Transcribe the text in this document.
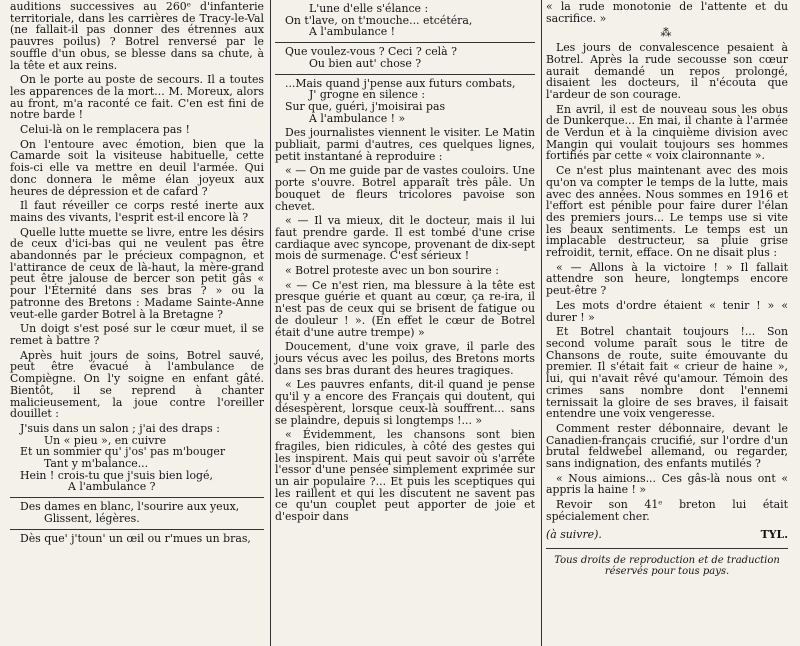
auditions successives au 260ᵉ d'infanterie territoriale, dans les carrières de Tracy-le-Val (ne fallait-il pas donner des étrennes aux pauvres poilus) ? Botrel renversé par le souffle d'un obus, se blesse dans sa chute, à la tête et aux reins.

On le porte au poste de secours. Il a toutes les apparences de la mort... M. Moreux, alors au front, m'a raconté ce fait. C'en est fini de notre barde !

Celui-là on le remplacera pas !

On l'entoure avec émotion, bien que la Camarde soit la visiteuse habituelle, cette fois-ci elle va mettre en deuil l'armée. Qui donc donnera le même élan joyeux aux heures de dépression et de cafard ?

Il faut réveiller ce corps resté inerte aux mains des vivants, l'esprit est-il encore là ?

Quelle lutte muette se livre, entre les désirs de ceux d'ici-bas qui ne veulent pas être abandonnés par le précieux compagnon, et l'attirance de ceux de là-haut, la mère-grand peut être jalouse de bercer son petit gâs « pour l'Éternité dans ses bras ? » ou la patronne des Bretons : Madame Sainte-Anne veut-elle garder Botrel à la Bretagne ?

Un doigt s'est posé sur le cœur muet, il se remet à battre ?

Après huit jours de soins, Botrel sauvé, peut être évacué à l'ambulance de Compiègne. On l'y soigne en enfant gâté. Bientôt, il se reprend à chanter malicieusement, la joue contre l'oreiller douillet :

J'suis dans un salon ; j'ai des draps :
Un « pieu », en cuivre
Et un sommier qu' j'os' pas m'bouger
Tant y m'balance...
Hein ! crois-tu que j'suis bien logé,
A l'ambulance ?
Des dames en blanc, l'sourire aux yeux,
Glissent, légères.
Dès que' j'toun' un œil ou r'mues un bras,
L'une d'elle s'élance :
On t'lave, on t'mouche... etcétéra,
A l'ambulance !
Que voulez-vous ? Ceci ? celà ?
Ou bien aut' chose ?
...Mais quand j'pense aux futurs combats,
J' grogne en silence :
Sur que, guéri, j'moisirai pas
A l'ambulance ! »

Des journalistes viennent le visiter. Le Matin publiait, parmi d'autres, ces quelques lignes, petit instantané à reproduire :

« — On me guide par de vastes couloirs. Une porte s'ouvre. Botrel apparaît très pâle. Un bouquet de fleurs tricolores pavoise son chevet.

« — Il va mieux, dit le docteur, mais il lui faut prendre garde. Il est tombé d'une crise cardiaque avec syncope, provenant de dix-sept mois de surmenage. C'est sérieux !

« Botrel proteste avec un bon sourire :

« — Ce n'est rien, ma blessure à la tête est presque guérie et quant au cœur, ça re-ira, il n'est pas de ceux qui se brisent de fatigue ou de douleur ! ». (En effet le cœur de Botrel était d'une autre trempe) »

Doucement, d'une voix grave, il parle des jours vécus avec les poilus, des Bretons morts dans ses bras durant des heures tragiques.

« Les pauvres enfants, dit-il quand je pense qu'il y a encore des Français qui doutent, qui désespèrent, lorsque ceux-là souffrent... sans se plaindre, depuis si longtemps !... »

« Évidemment, les chansons sont bien fragiles, bien ridicules, à côté des gestes qui les inspirent. Mais qui peut savoir où s'arrête l'essor d'une pensée simplement exprimée sur un air populaire ?... Et puis les sceptiques qui les raillent et qui les discutent ne savent pas ce qu'un couplet peut apporter de joie et d'espoir dans

« la rude monotonie de l'attente et du sacrifice. »

⁂

Les jours de convalescence pesaient à Botrel. Après la rude secousse son cœur aurait demandé un repos prolongé, disaient les docteurs, il n'écouta que l'ardeur de son courage.

En avril, il est de nouveau sous les obus de Dunkerque... En mai, il chante à l'armée de Verdun et à la cinquième division avec Mangin qui voulait toujours ses hommes fortifiés par cette « voix claironnante ».

Ce n'est plus maintenant avec des mois qu'on va compter le temps de la lutte, mais avec des années. Nous sommes en 1916 et l'effort est pénible pour faire durer l'élan des premiers jours... Le temps use si vite les beaux sentiments. Le temps est un implacable destructeur, sa pluie grise refroidit, ternit, efface. On ne disait plus :

« — Allons à la victoire ! » Il fallait attendre son heure, longtemps encore peut-être ?

Les mots d'ordre étaient « tenir ! » « durer ! »

Et Botrel chantait toujours !... Son second volume paraît sous le titre de Chansons de route, suite émouvante du premier. Il s'était fait « crieur de haine », lui, qui n'avait rêvé qu'amour. Témoin des crimes sans nombre dont l'ennemi ternissait la gloire de ses braves, il faisait entendre une voix vengeresse.

Comment rester débonnaire, devant le Canadien-français crucifié, sur l'ordre d'un brutal feldwebel allemand, ou regarder, sans indignation, des enfants mutilés ?

« Nous aimions... Ces gâs-là nous ont « appris la haine ! »

Revoir son 41ᵉ breton lui était spécialement cher.

(à suivre).	TYL.
Tous droits de reproduction et de traduction réservés pour tous pays.
